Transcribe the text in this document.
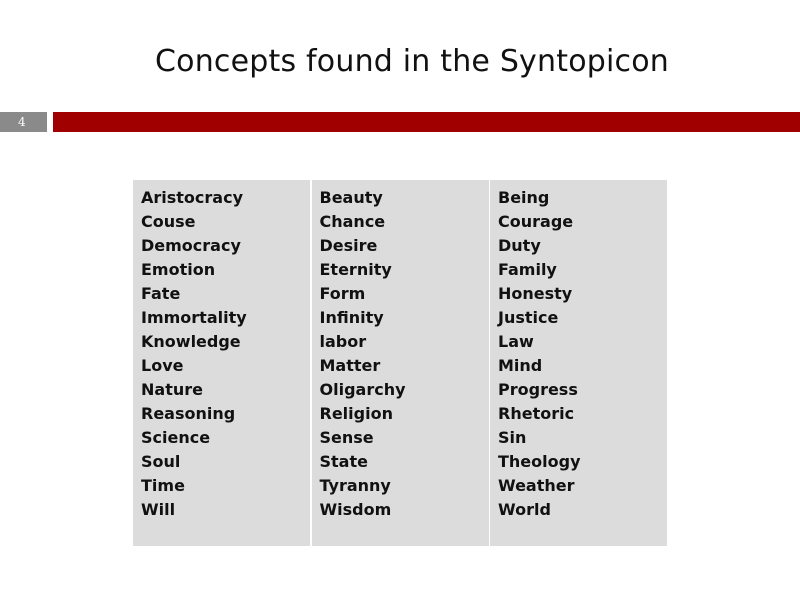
Concepts found in the Syntopicon
4
Aristocracy
Couse
Democracy
Emotion
Fate
Immortality
Knowledge
Love
Nature
Reasoning
Science
Soul
Time
Will
Beauty
Chance
Desire
Eternity
Form
Infinity
labor
Matter
Oligarchy
Religion
Sense
State
Tyranny
Wisdom
Being
Courage
Duty
Family
Honesty
Justice
Law
Mind
Progress
Rhetoric
Sin
Theology
Weather
World
